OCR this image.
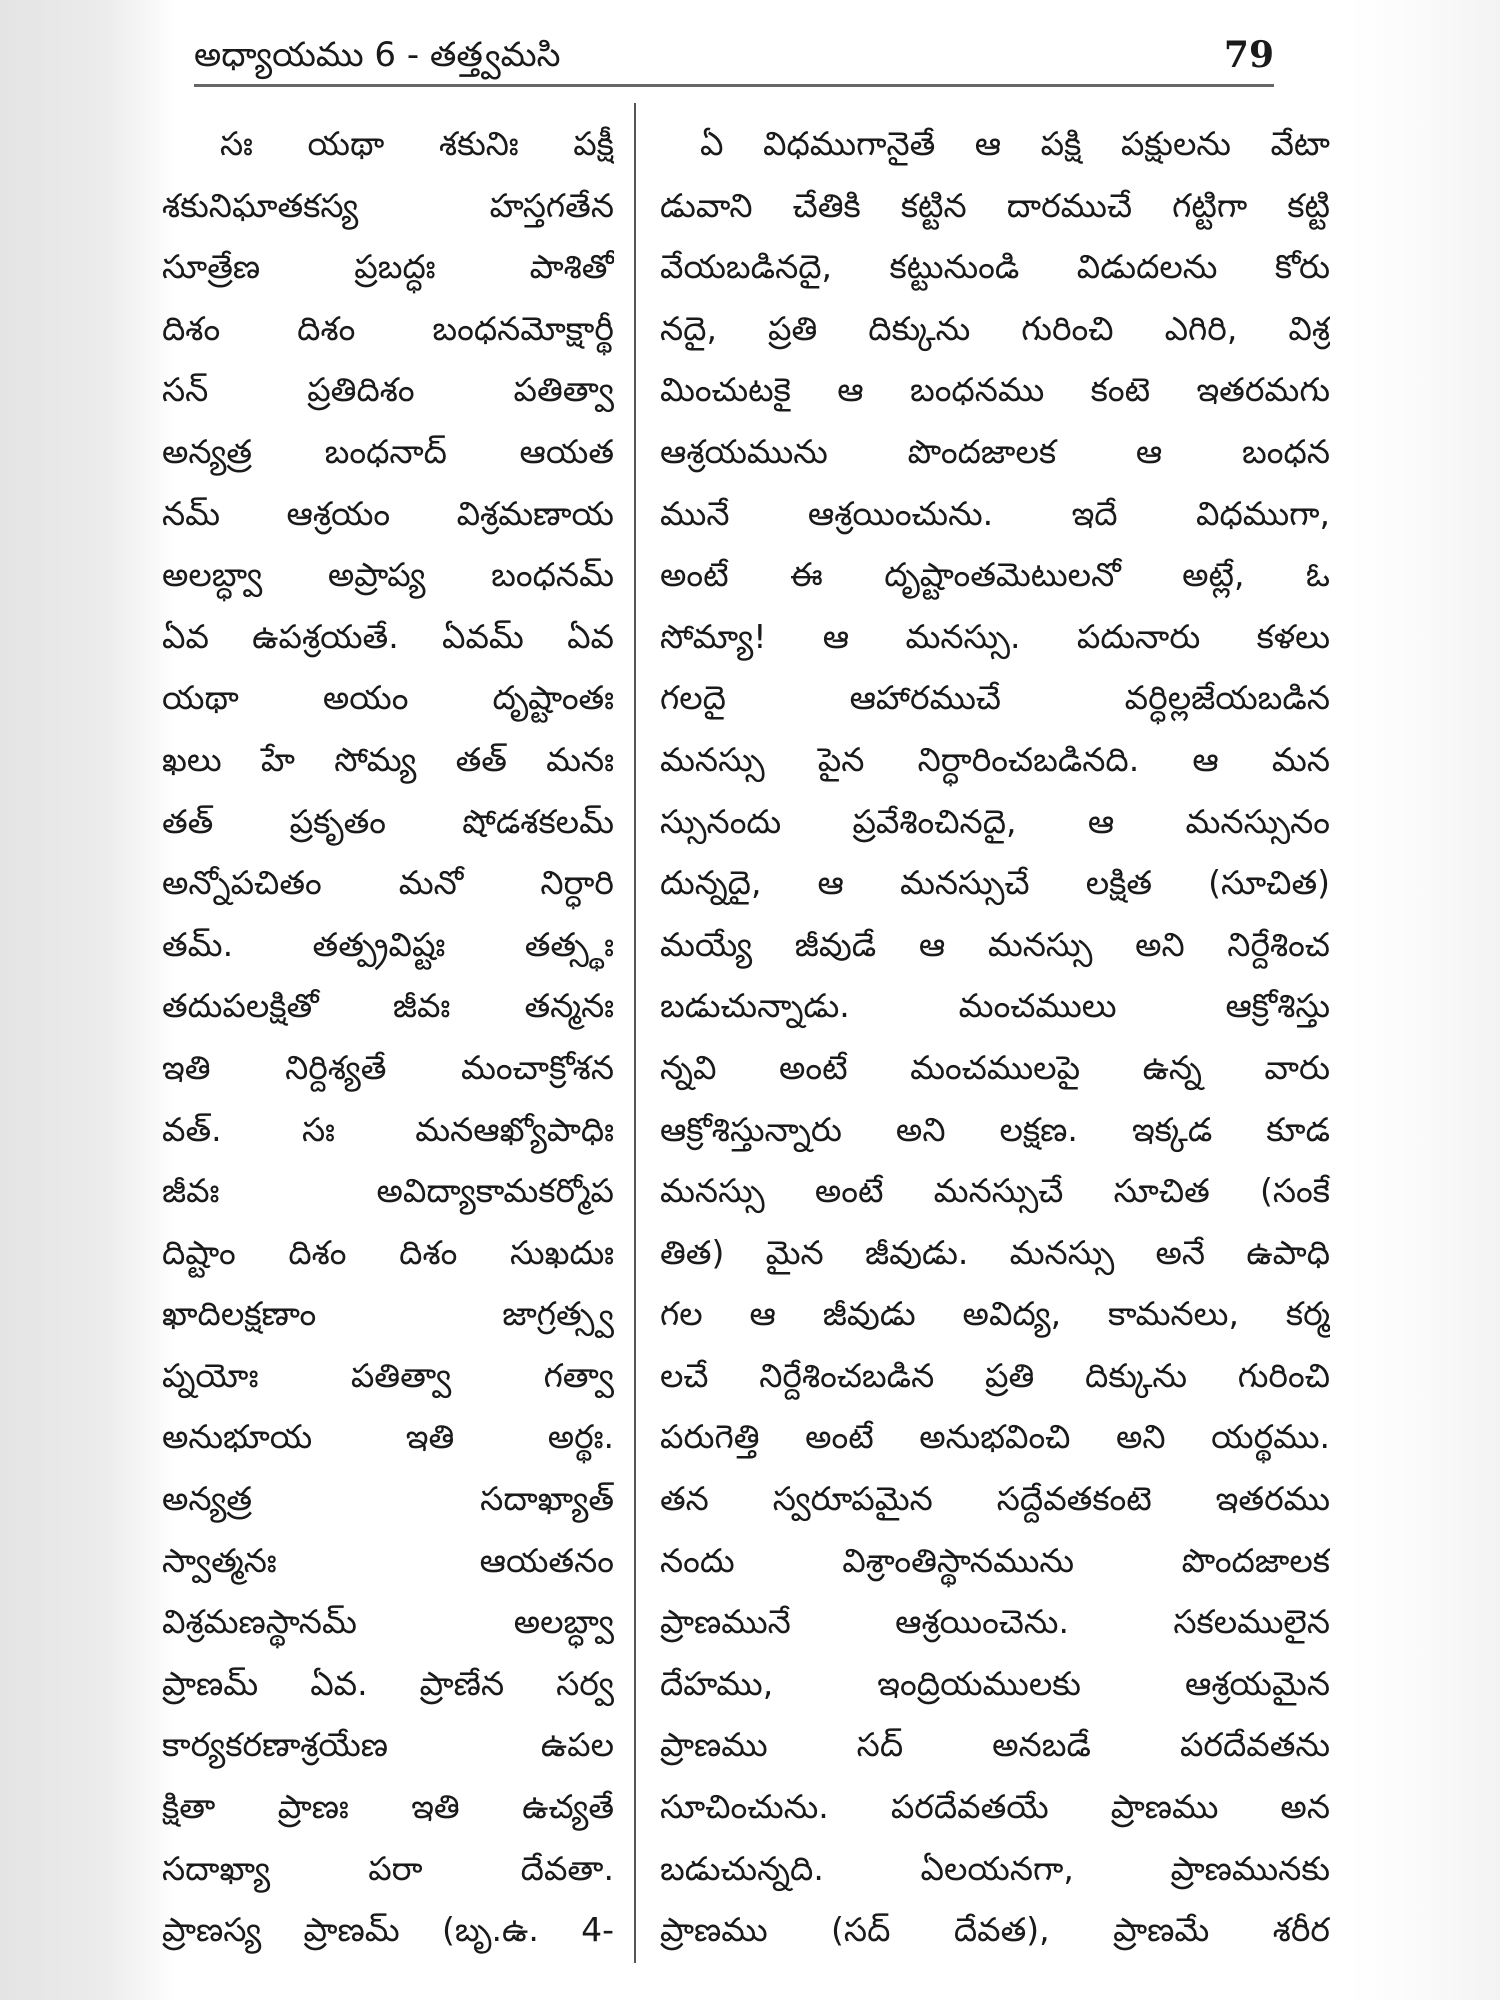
అధ్యాయము 6 - తత్త్వమసి	79
సః యథా శకునిః పక్షీ
శకునిఘాతకస్య హస్తగతేన
సూత్రేణ ప్రబద్ధః పాశితో
దిశం దిశం బంధనమోక్షార్థీ
సన్ ప్రతిదిశం పతిత్వా
అన్యత్ర బంధనాద్ ఆయత
నమ్ ఆశ్రయం విశ్రమణాయ
అలబ్ధ్వా అప్రాప్య బంధనమ్
ఏవ ఉపశ్రయతే. ఏవమ్ ఏవ
యథా అయం దృష్టాంతః
ఖలు హే సోమ్య తత్ మనః
తత్ ప్రకృతం షోడశకలమ్
అన్నోపచితం మనో నిర్ధారి
తమ్. తత్ప్రవిష్టః తత్స్థః
తదుపలక్షితో జీవః తన్మనః
ఇతి నిర్దిశ్యతే మంచాక్రోశన
వత్. సః మనఆఖ్యోపాధిః
జీవః అవిద్యాకామకర్మోప
దిష్టాం దిశం దిశం సుఖదుః
ఖాదిలక్షణాం జాగ్రత్స్వ
ప్నయోః పతిత్వా గత్వా
అనుభూయ ఇతి అర్థః.
అన్యత్ర సదాఖ్యాత్
స్వాత్మనః ఆయతనం
విశ్రమణస్థానమ్ అలబ్ధ్వా
ప్రాణమ్ ఏవ. ప్రాణేన సర్వ
కార్యకరణాశ్రయేణ ఉపల
క్షితా ప్రాణః ఇతి ఉచ్యతే
సదాఖ్యా పరా దేవతా.
ప్రాణస్య ప్రాణమ్ (బృ.ఉ. 4-
ఏ విధముగానైతే ఆ పక్షి పక్షులను వేటా
డువాని చేతికి కట్టిన దారముచే గట్టిగా కట్టి
వేయబడినదై, కట్టునుండి విడుదలను కోరు
నదై, ప్రతి దిక్కును గురించి ఎగిరి, విశ్ర
మించుటకై ఆ బంధనము కంటె ఇతరమగు
ఆశ్రయమును పొందజాలక ఆ బంధన
మునే ఆశ్రయించును. ఇదే విధముగా,
అంటే ఈ దృష్టాంతమెటులనో అట్లే, ఓ
సోమ్యా! ఆ మనస్సు. పదునారు కళలు
గలదై ఆహారముచే వర్ధిల్లజేయబడిన
మనస్సు పైన నిర్ధారించబడినది. ఆ మన
స్సునందు ప్రవేశించినదై, ఆ మనస్సునం
దున్నదై, ఆ మనస్సుచే లక్షిత (సూచిత)
మయ్యే జీవుడే ఆ మనస్సు అని నిర్దేశించ
బడుచున్నాడు. మంచములు ఆక్రోశిస్తు
న్నవి అంటే మంచములపై ఉన్న వారు
ఆక్రోశిస్తున్నారు అని లక్షణ. ఇక్కడ కూడ
మనస్సు అంటే మనస్సుచే సూచిత (సంకే
తిత) మైన జీవుడు. మనస్సు అనే ఉపాధి
గల ఆ జీవుడు అవిద్య, కామనలు, కర్మ
లచే నిర్దేశించబడిన ప్రతి దిక్కును గురించి
పరుగెత్తి అంటే అనుభవించి అని యర్థము.
తన స్వరూపమైన సద్దేవతకంటె ఇతరము
నందు విశ్రాంతిస్థానమును పొందజాలక
ప్రాణమునే ఆశ్రయించెను. సకలములైన
దేహము, ఇంద్రియములకు ఆశ్రయమైన
ప్రాణము సద్ అనబడే పరదేవతను
సూచించును. పరదేవతయే ప్రాణము అన
బడుచున్నది. ఏలయనగా, ప్రాణమునకు
ప్రాణము (సద్ దేవత), ప్రాణమే శరీర
